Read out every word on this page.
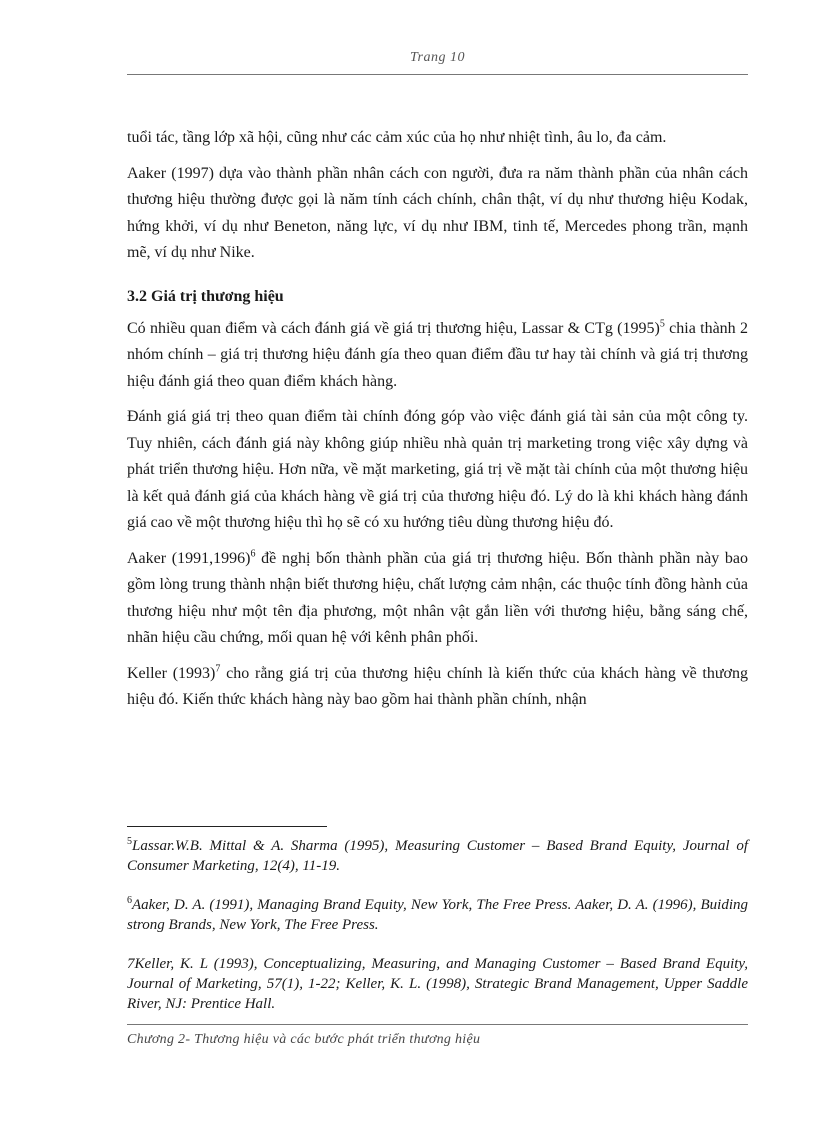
Trang 10

tuổi tác, tầng lớp xã hội, cũng như các cảm xúc của họ như nhiệt tình, âu lo, đa cảm.

Aaker (1997) dựa vào thành phần nhân cách con người, đưa ra năm thành phần của nhân cách thương hiệu thường được gọi là năm tính cách chính, chân thật, ví dụ như thương hiệu Kodak, hứng khởi, ví dụ như Beneton, năng lực, ví dụ như IBM, tinh tế, Mercedes phong trần, mạnh mẽ, ví dụ như Nike.

3.2 Giá trị thương hiệu

Có nhiều quan điểm và cách đánh giá về giá trị thương hiệu, Lassar & CTg $(1995)^5$ chia thành 2 nhóm chính – giá trị thương hiệu đánh gía theo quan điểm đầu tư hay tài chính và giá trị thương hiệu đánh giá theo quan điểm khách hàng.

Đánh giá giá trị theo quan điểm tài chính đóng góp vào việc đánh giá tài sản của một công ty. Tuy nhiên, cách đánh giá này không giúp nhiều nhà quản trị marketing trong việc xây dựng và phát triển thương hiệu. Hơn nữa, về mặt marketing, giá trị về mặt tài chính của một thương hiệu là kết quả đánh giá của khách hàng về giá trị của thương hiệu đó. Lý do là khi khách hàng đánh giá cao về một thương hiệu thì họ sẽ có xu hướng tiêu dùng thương hiệu đó.

Aaker $(1991,1996)^6$ đề nghị bốn thành phần của giá trị thương hiệu. Bốn thành phần này bao gồm lòng trung thành nhận biết thương hiệu, chất lượng cảm nhận, các thuộc tính đồng hành của thương hiệu như một tên địa phương, một nhân vật gắn liền với thương hiệu, bằng sáng chế, nhãn hiệu cầu chứng, mối quan hệ với kênh phân phối.

Keller $(1993)^7$ cho rằng giá trị của thương hiệu chính là kiến thức của khách hàng về thương hiệu đó. Kiến thức khách hàng này bao gồm hai thành phần chính, nhận

$^5$Lassar.W.B. Mittal & A. Sharma (1995), Measuring Customer – Based Brand Equity, Journal of Consumer Marketing, 12(4), 11-19.

$^6$Aaker, D. A. (1991), Managing Brand Equity, New York, The Free Press. Aaker, D. A. (1996), Buiding strong Brands, New York, The Free Press.

7Keller, K. L (1993), Conceptualizing, Measuring, and Managing Customer – Based Brand Equity, Journal of Marketing, 57(1), 1-22; Keller, K. L. (1998), Strategic Brand Management, Upper Saddle River, NJ: Prentice Hall.

Chương 2- Thương hiệu và các bước phát triển thương hiệu
